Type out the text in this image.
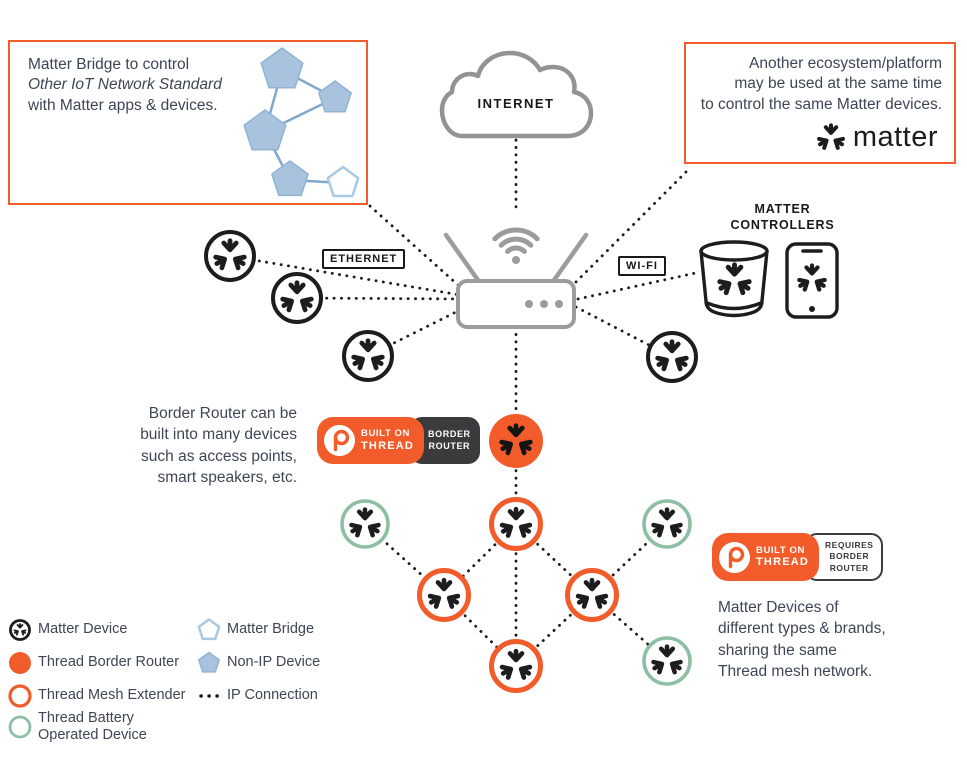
Matter Bridge to control
Other IoT Network Standard
with Matter apps & devices.	INTERNET
Another ecosystem/platform
may be used at the same time
to control the same Matter devices.
matter
ETHERNET
WI-FI
MATTER
CONTROLLERS
Border Router can be
built into many devices
such as access points,
smart speakers, etc.
BUILT ON
THREAD
BORDER
ROUTER
BUILT ON
THREAD
REQUIRES
BORDER
ROUTER
Matter Devices of
different types & brands,
sharing the same
Thread mesh network.
Matter Device
Thread Border Router
Thread Mesh Extender
Thread Battery
Operated Device
Matter Bridge
Non-IP Device
IP Connection
